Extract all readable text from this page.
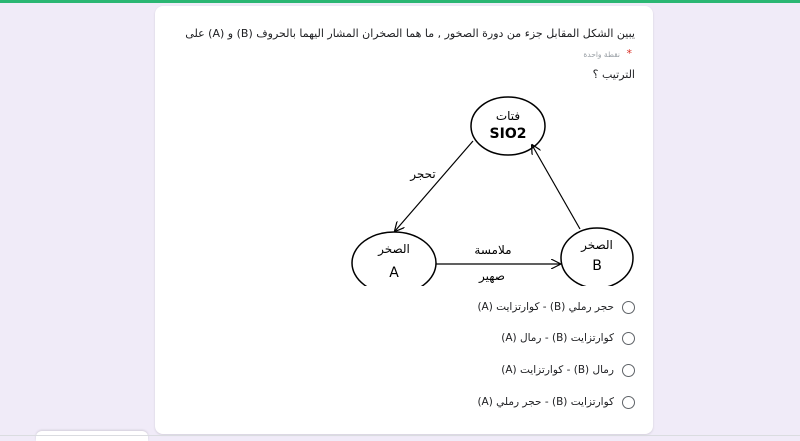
يبين الشكل المقابل جزء من دورة الصخور , ما هما الصخران المشار اليهما بالحروف (B) و (A) على * نقطة واحدة
الترتيب ؟
فتات
SIO2
الصخر
A
الصخر
B
تحجر
ملامسة
صهير
حجر رملي (B) - كوارتزايت (A)
كوارتزايت (B) - رمال (A)
رمال (B) - كوارتزايت (A)
كوارتزايت (B) - حجر رملي (A)
